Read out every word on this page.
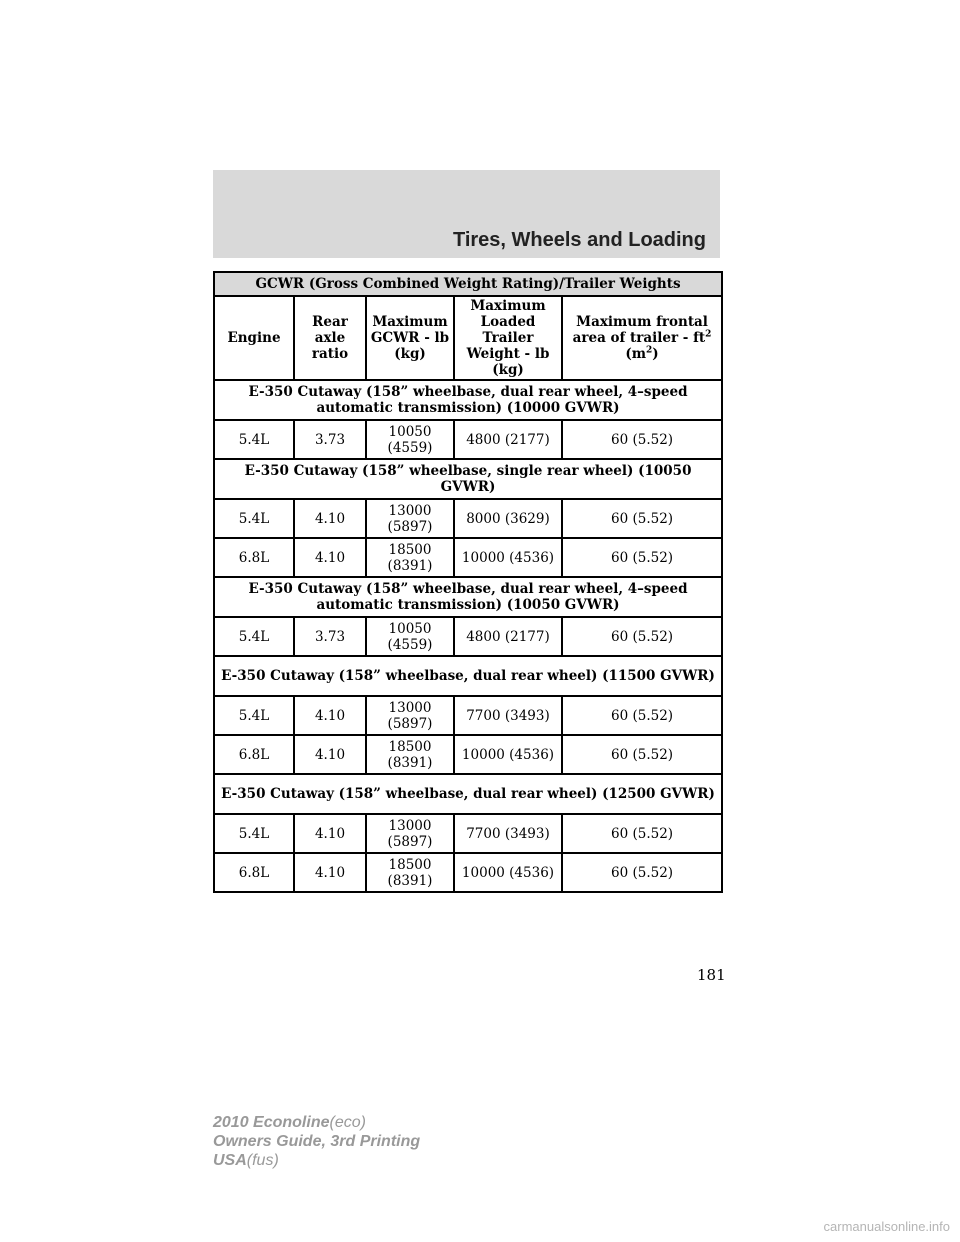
Tires, Wheels and Loading
GCWR (Gross Combined Weight Rating)/Trailer Weights				
Engine	Rear axle ratio	Maximum GCWR - lb (kg)	Maximum Loaded Trailer Weight - lb (kg)	Maximum frontal area of trailer - $ft^2$
$(m^2)$
E-350 Cutaway (158” wheelbase, dual rear wheel, 4–speed automatic transmission) (10000 GVWR)				
5.4L	3.73	10050 (4559)	4800 (2177)	60 (5.52)
E-350 Cutaway (158” wheelbase, single rear wheel) (10050 GVWR)				
5.4L	4.10	13000 (5897)	8000 (3629)	60 (5.52)
6.8L	4.10	18500 (8391)	10000 (4536)	60 (5.52)
E-350 Cutaway (158” wheelbase, dual rear wheel, 4–speed automatic transmission) (10050 GVWR)				
5.4L	3.73	10050 (4559)	4800 (2177)	60 (5.52)
E-350 Cutaway (158” wheelbase, dual rear wheel) (11500 GVWR)				
5.4L	4.10	13000 (5897)	7700 (3493)	60 (5.52)
6.8L	4.10	18500 (8391)	10000 (4536)	60 (5.52)
E-350 Cutaway (158” wheelbase, dual rear wheel) (12500 GVWR)				
5.4L	4.10	13000 (5897)	7700 (3493)	60 (5.52)
6.8L	4.10	18500 (8391)	10000 (4536)	60 (5.52)
181
2010 Econoline(eco)
Owners Guide, 3rd Printing
USA(fus)
carmanualsonline.info
